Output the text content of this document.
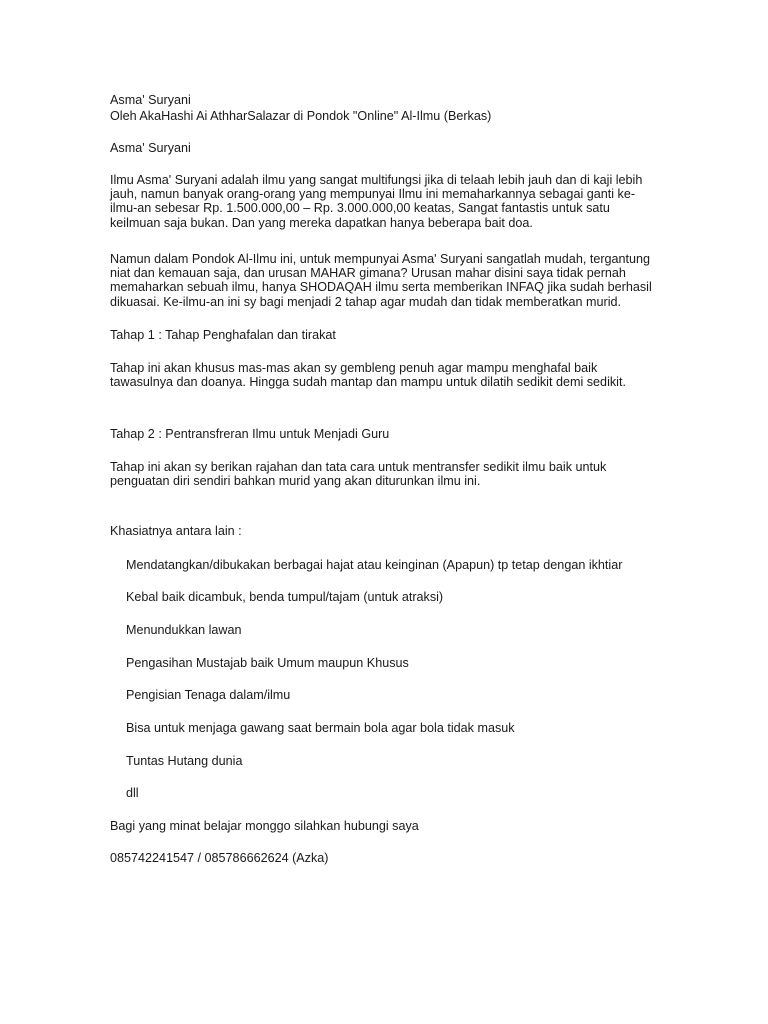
Asma' Suryani
Oleh AkaHashi Ai AthharSalazar di Pondok "Online" Al-Ilmu (Berkas)
Asma' Suryani
Ilmu Asma' Suryani adalah ilmu yang sangat multifungsi jika di telaah lebih jauh dan di kaji lebih
jauh, namun banyak orang-orang yang mempunyai Ilmu ini memaharkannya sebagai ganti ke-
ilmu-an sebesar Rp. 1.500.000,00 – Rp. 3.000.000,00 keatas, Sangat fantastis untuk satu
keilmuan saja bukan. Dan yang mereka dapatkan hanya beberapa bait doa.
Namun dalam Pondok Al-Ilmu ini, untuk mempunyai Asma' Suryani sangatlah mudah, tergantung
niat dan kemauan saja, dan urusan MAHAR gimana? Urusan mahar disini saya tidak pernah
memaharkan sebuah ilmu, hanya SHODAQAH ilmu serta memberikan INFAQ jika sudah berhasil
dikuasai. Ke-ilmu-an ini sy bagi menjadi 2 tahap agar mudah dan tidak memberatkan murid.
Tahap 1 : Tahap Penghafalan dan tirakat
Tahap ini akan khusus mas-mas akan sy gembleng penuh agar mampu menghafal baik
tawasulnya dan doanya. Hingga sudah mantap dan mampu untuk dilatih sedikit demi sedikit.
Tahap 2 : Pentransfreran Ilmu untuk Menjadi Guru
Tahap ini akan sy berikan rajahan dan tata cara untuk mentransfer sedikit ilmu baik untuk
penguatan diri sendiri bahkan murid yang akan diturunkan ilmu ini.
Khasiatnya antara lain :
Mendatangkan/dibukakan berbagai hajat atau keinginan (Apapun) tp tetap dengan ikhtiar
Kebal baik dicambuk, benda tumpul/tajam (untuk atraksi)
Menundukkan lawan
Pengasihan Mustajab baik Umum maupun Khusus
Pengisian Tenaga dalam/ilmu
Bisa untuk menjaga gawang saat bermain bola agar bola tidak masuk
Tuntas Hutang dunia
dll
Bagi yang minat belajar monggo silahkan hubungi saya
085742241547 / 085786662624 (Azka)
